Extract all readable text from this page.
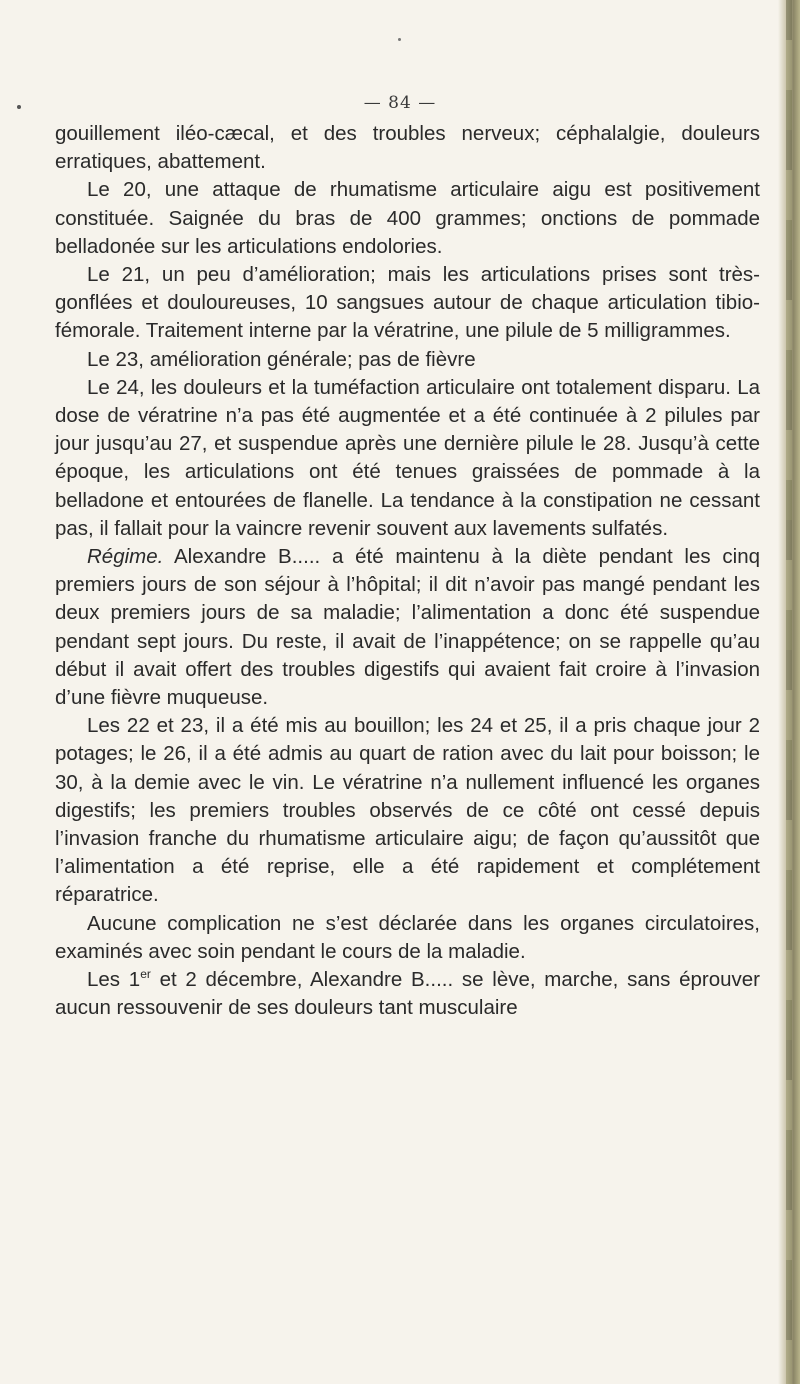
— 84 —

gouillement iléo-cæcal, et des troubles nerveux; céphalalgie, douleurs erratiques, abattement.

Le 20, une attaque de rhumatisme articulaire aigu est positivement constituée. Saignée du bras de 400 grammes; onctions de pommade belladonée sur les articulations endolories.

Le 21, un peu d’amélioration; mais les articulations prises sont très-gonflées et douloureuses, 10 sangsues autour de chaque articulation tibio-fémorale. Traitement interne par la vératrine, une pilule de 5 milligrammes.

Le 23, amélioration générale; pas de fièvre

Le 24, les douleurs et la tuméfaction articulaire ont totalement disparu. La dose de vératrine n’a pas été augmentée et a été continuée à 2 pilules par jour jusqu’au 27, et suspendue après une dernière pilule le 28. Jusqu’à cette époque, les articulations ont été tenues graissées de pommade à la belladone et entourées de flanelle. La tendance à la constipation ne cessant pas, il fallait pour la vaincre revenir souvent aux lavements sulfatés.

Régime. Alexandre B..... a été maintenu à la diète pendant les cinq premiers jours de son séjour à l’hôpital; il dit n’avoir pas mangé pendant les deux premiers jours de sa maladie; l’alimentation a donc été suspendue pendant sept jours. Du reste, il avait de l’inappétence; on se rappelle qu’au début il avait offert des troubles digestifs qui avaient fait croire à l’invasion d’une fièvre muqueuse.

Les 22 et 23, il a été mis au bouillon; les 24 et 25, il a pris chaque jour 2 potages; le 26, il a été admis au quart de ration avec du lait pour boisson; le 30, à la demie avec le vin. Le vératrine n’a nullement influencé les organes digestifs; les premiers troubles observés de ce côté ont cessé depuis l’invasion franche du rhumatisme articulaire aigu; de façon qu’aussitôt que l’alimentation a été reprise, elle a été rapidement et complétement réparatrice.

Aucune complication ne s’est déclarée dans les organes circulatoires, examinés avec soin pendant le cours de la maladie.

Les 1er et 2 décembre, Alexandre B..... se lève, marche, sans éprouver aucun ressouvenir de ses douleurs tant musculaire
